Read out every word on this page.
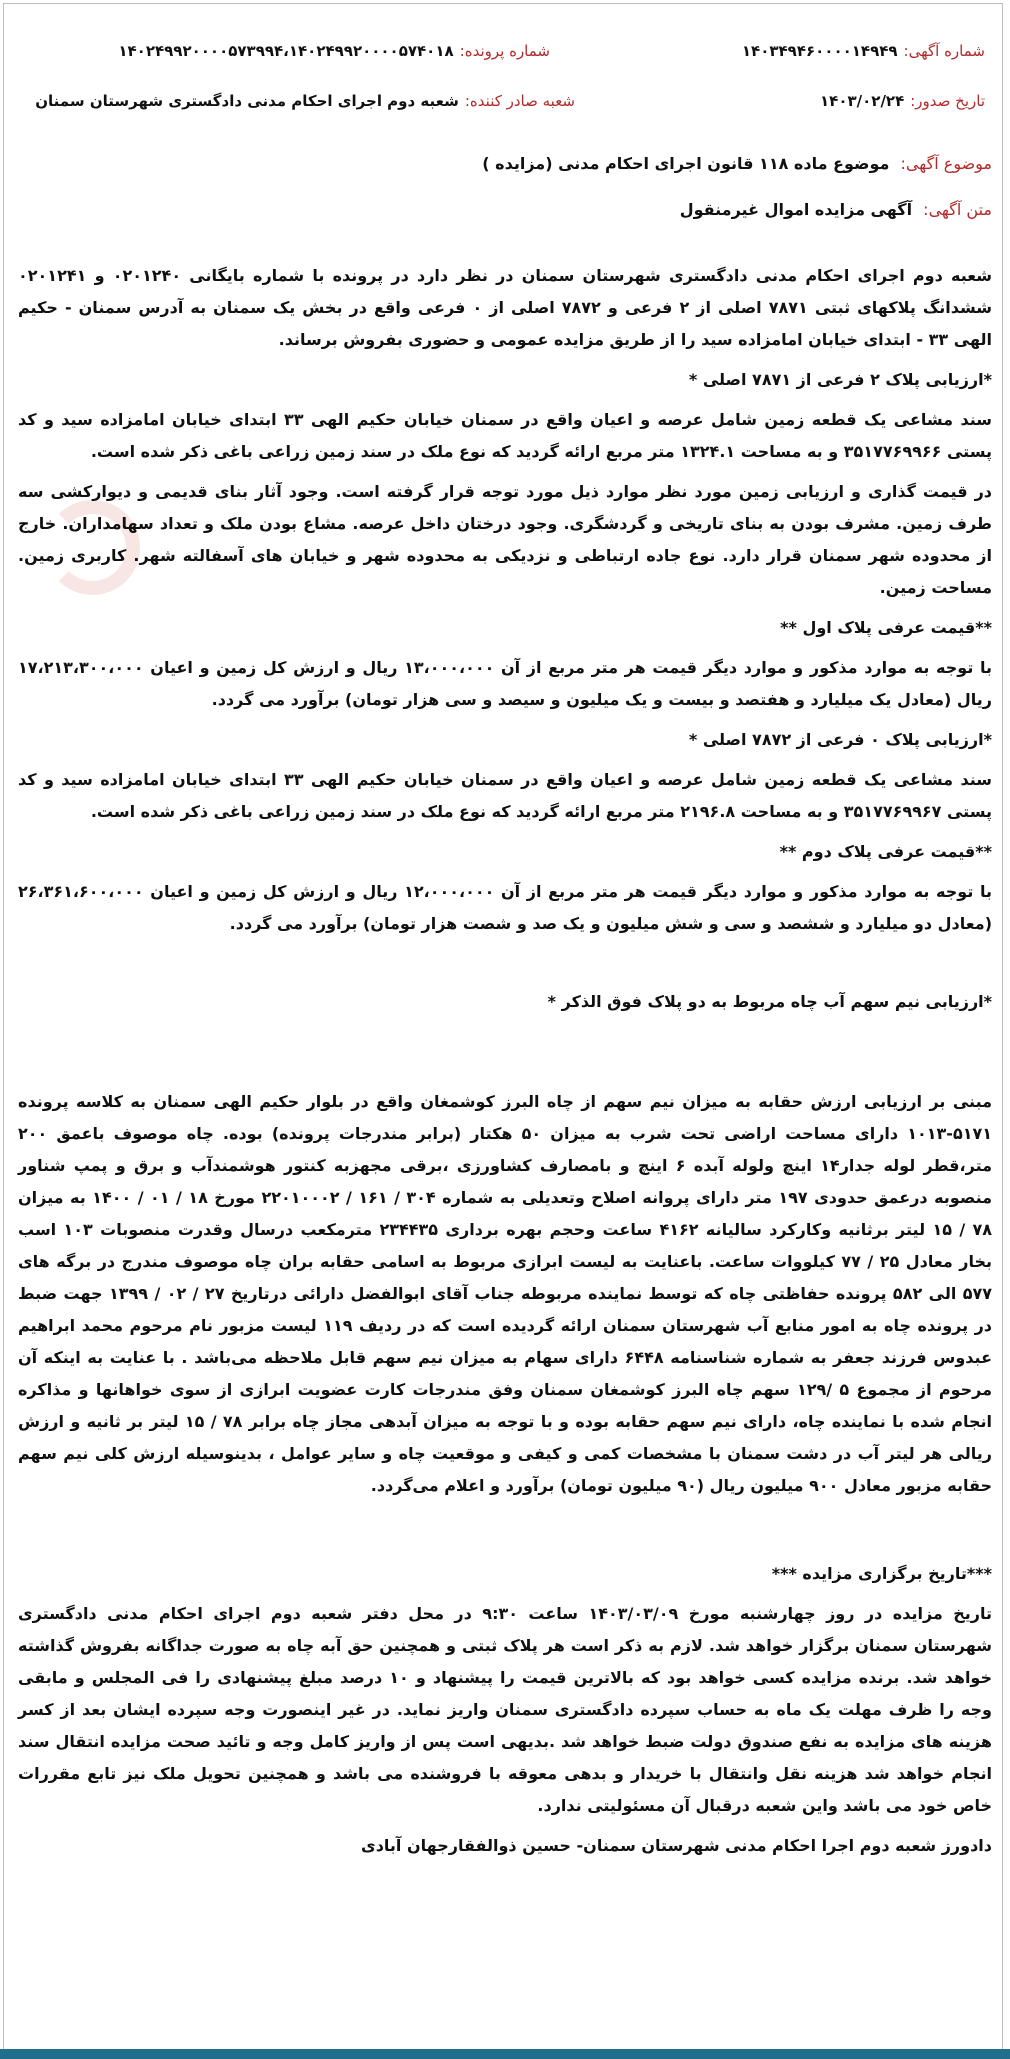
شماره آگهی:
۱۴۰۳۴۹۴۶۰۰۰۰۱۴۹۴۹
تاریخ صدور:
۱۴۰۳/۰۲/۲۴
شماره پرونده:
۱۴۰۲۴۹۹۲۰۰۰۰۵۷۳۹۹۴،۱۴۰۲۴۹۹۲۰۰۰۰۵۷۴۰۱۸
شعبه صادر کننده:
شعبه دوم اجرای احکام مدنی دادگستری شهرستان سمنان
موضوع آگهی: موضوع ماده ۱۱۸ قانون اجرای احکام مدنی (مزایده )
متن آگهی: آگهی مزایده اموال غیرمنقول

شعبه دوم اجرای احکام مدنی دادگستری شهرستان سمنان در نظر دارد در پرونده با شماره بایگانی ۰۲۰۱۲۴۰ و ۰۲۰۱۲۴۱ ششدانگ پلاکهای ثبتی ۷۸۷۱ اصلی از ۲ فرعی و ۷۸۷۲ اصلی از ۰ فرعی واقع در بخش یک سمنان به آدرس سمنان - حکیم الهی ۳۳ - ابتدای خیابان امامزاده سید را از طریق مزایده عمومی و حضوری بفروش برساند.

*ارزیابی پلاک ۲ فرعی از ۷۸۷۱ اصلی *

سند مشاعی یک قطعه زمین شامل عرصه و اعیان واقع در سمنان خیابان حکیم الهی ۳۳ ابتدای خیابان امامزاده سید و کد پستی ۳۵۱۷۷۶۹۹۶۶ و به مساحت ۱۳۲۴.۱ متر مربع ارائه گردید که نوع ملک در سند زمین زراعی باغی ذکر شده است.

در قیمت گذاری و ارزیابی زمین مورد نظر موارد ذیل مورد توجه قرار گرفته است. وجود آثار بنای قدیمی و دیوارکشی سه طرف زمین. مشرف بودن به بنای تاریخی و گردشگری. وجود درختان داخل عرصه. مشاع بودن ملک و تعداد سهامداران. خارج از محدوده شهر سمنان قرار دارد. نوع جاده ارتباطی و نزدیکی به محدوده شهر و خیابان های آسفالته شهر. کاربری زمین. مساحت زمین.

**قیمت عرفی پلاک اول **

با توجه به موارد مذکور و موارد دیگر قیمت هر متر مربع از آن ۱۳،۰۰۰،۰۰۰ ریال و ارزش کل زمین و اعیان ۱۷،۲۱۳،۳۰۰،۰۰۰ ریال (معادل یک میلیارد و هفتصد و بیست و یک میلیون و سیصد و سی هزار تومان) برآورد می گردد.

*ارزیابی پلاک ۰ فرعی از ۷۸۷۲ اصلی *

سند مشاعی یک قطعه زمین شامل عرصه و اعیان واقع در سمنان خیابان حکیم الهی ۳۳ ابتدای خیابان امامزاده سید و کد پستی ۳۵۱۷۷۶۹۹۶۷ و به مساحت ۲۱۹۶.۸ متر مربع ارائه گردید که نوع ملک در سند زمین زراعی باغی ذکر شده است.

**قیمت عرفی پلاک دوم **

با توجه به موارد مذکور و موارد دیگر قیمت هر متر مربع از آن ۱۲،۰۰۰،۰۰۰ ریال و ارزش کل زمین و اعیان ۲۶،۳۶۱،۶۰۰،۰۰۰ (معادل دو میلیارد و ششصد و سی و شش میلیون و یک صد و شصت هزار تومان) برآورد می گردد.

*ارزیابی نیم سهم آب چاه مربوط به دو پلاک فوق الذکر *

مبنی بر ارزیابی ارزش حقابه به میزان نیم سهم از چاه البرز کوشمغان واقع در بلوار حکیم الهی سمنان به کلاسه پرونده ۵۱۷۱-۱۰۱۳ دارای مساحت اراضی تحت شرب به میزان ۵۰ هکتار (برابر مندرجات پرونده) بوده. چاه موصوف باعمق ۲۰۰ متر،قطر لوله جدار۱۴ اینچ ولوله آبده ۶ اینچ و بامصارف کشاورزی ،برقی مجهزبه کنتور هوشمندآب و برق و پمپ شناور منصوبه درعمق حدودی ۱۹۷ متر دارای پروانه اصلاح وتعدیلی به شماره ۳۰۴ / ۱۶۱ / ۲۲۰۱۰۰۰۲ مورخ ۱۸ / ۰۱ / ۱۴۰۰ به میزان ۷۸ / ۱۵ لیتر برثانیه وکارکرد سالیانه ۴۱۶۲ ساعت وحجم بهره برداری ۲۳۴۴۳۵ مترمکعب درسال وقدرت منصوبات ۱۰۳ اسب بخار معادل ۲۵ / ۷۷ کیلووات ساعت. باعنایت به لیست ابرازی مربوط به اسامی حقابه بران چاه موصوف مندرج در برگه های ۵۷۷ الی ۵۸۲ پرونده حفاظتی چاه که توسط نماینده مربوطه جناب آقای ابوالفضل دارائی درتاریخ ۲۷ / ۰۲ / ۱۳۹۹ جهت ضبط در پرونده چاه به امور منابع آب شهرستان سمنان ارائه گردیده است که در ردیف ۱۱۹ لیست مزبور نام مرحوم محمد ابراهیم عبدوس فرزند جعفر به شماره شناسنامه ۶۴۴۸ دارای سهام به میزان نیم سهم قابل ملاحظه می‌باشد . با عنایت به اینکه آن مرحوم از مجموع ۵ /۱۲۹ سهم چاه البرز کوشمغان سمنان وفق مندرجات کارت عضویت ابرازی از سوی خواهانها و مذاکره انجام شده با نماینده چاه، دارای نیم سهم حقابه بوده و با توجه به میزان آبدهی مجاز چاه برابر ۷۸ / ۱۵ لیتر بر ثانیه و ارزش ریالی هر لیتر آب در دشت سمنان با مشخصات کمی و کیفی و موقعیت چاه و سایر عوامل ، بدینوسیله ارزش کلی نیم سهم حقابه مزبور معادل ۹۰۰ میلیون ریال (۹۰ میلیون تومان) برآورد و اعلام می‌گردد.

***تاریخ برگزاری مزایده ***

تاریخ مزایده در روز چهارشنبه مورخ ۱۴۰۳/۰۳/۰۹ ساعت ۹:۳۰ در محل دفتر شعبه دوم اجرای احکام مدنی دادگستری شهرستان سمنان برگزار خواهد شد. لازم به ذکر است هر پلاک ثبتی و همچنین حق آبه چاه به صورت جداگانه بفروش گذاشته خواهد شد. برنده مزایده کسی خواهد بود که بالاترین قیمت را پیشنهاد و ۱۰ درصد مبلغ پیشنهادی را فی المجلس و مابقی وجه را ظرف مهلت یک ماه به حساب سپرده دادگستری سمنان واریز نماید. در غیر اینصورت وجه سپرده ایشان بعد از کسر هزینه های مزایده به نفع صندوق دولت ضبط خواهد شد .بدیهی است پس از واریز کامل وجه و تائید صحت مزایده انتقال سند انجام خواهد شد هزینه نقل وانتقال با خریدار و بدهی معوقه با فروشنده می باشد و همچنین تحویل ملک نیز تابع مقررات خاص خود می باشد واین شعبه درقبال آن مسئولیتی ندارد.

دادورز شعبه دوم اجرا احکام مدنی شهرستان سمنان- حسین ذوالفقارجهان آبادی
